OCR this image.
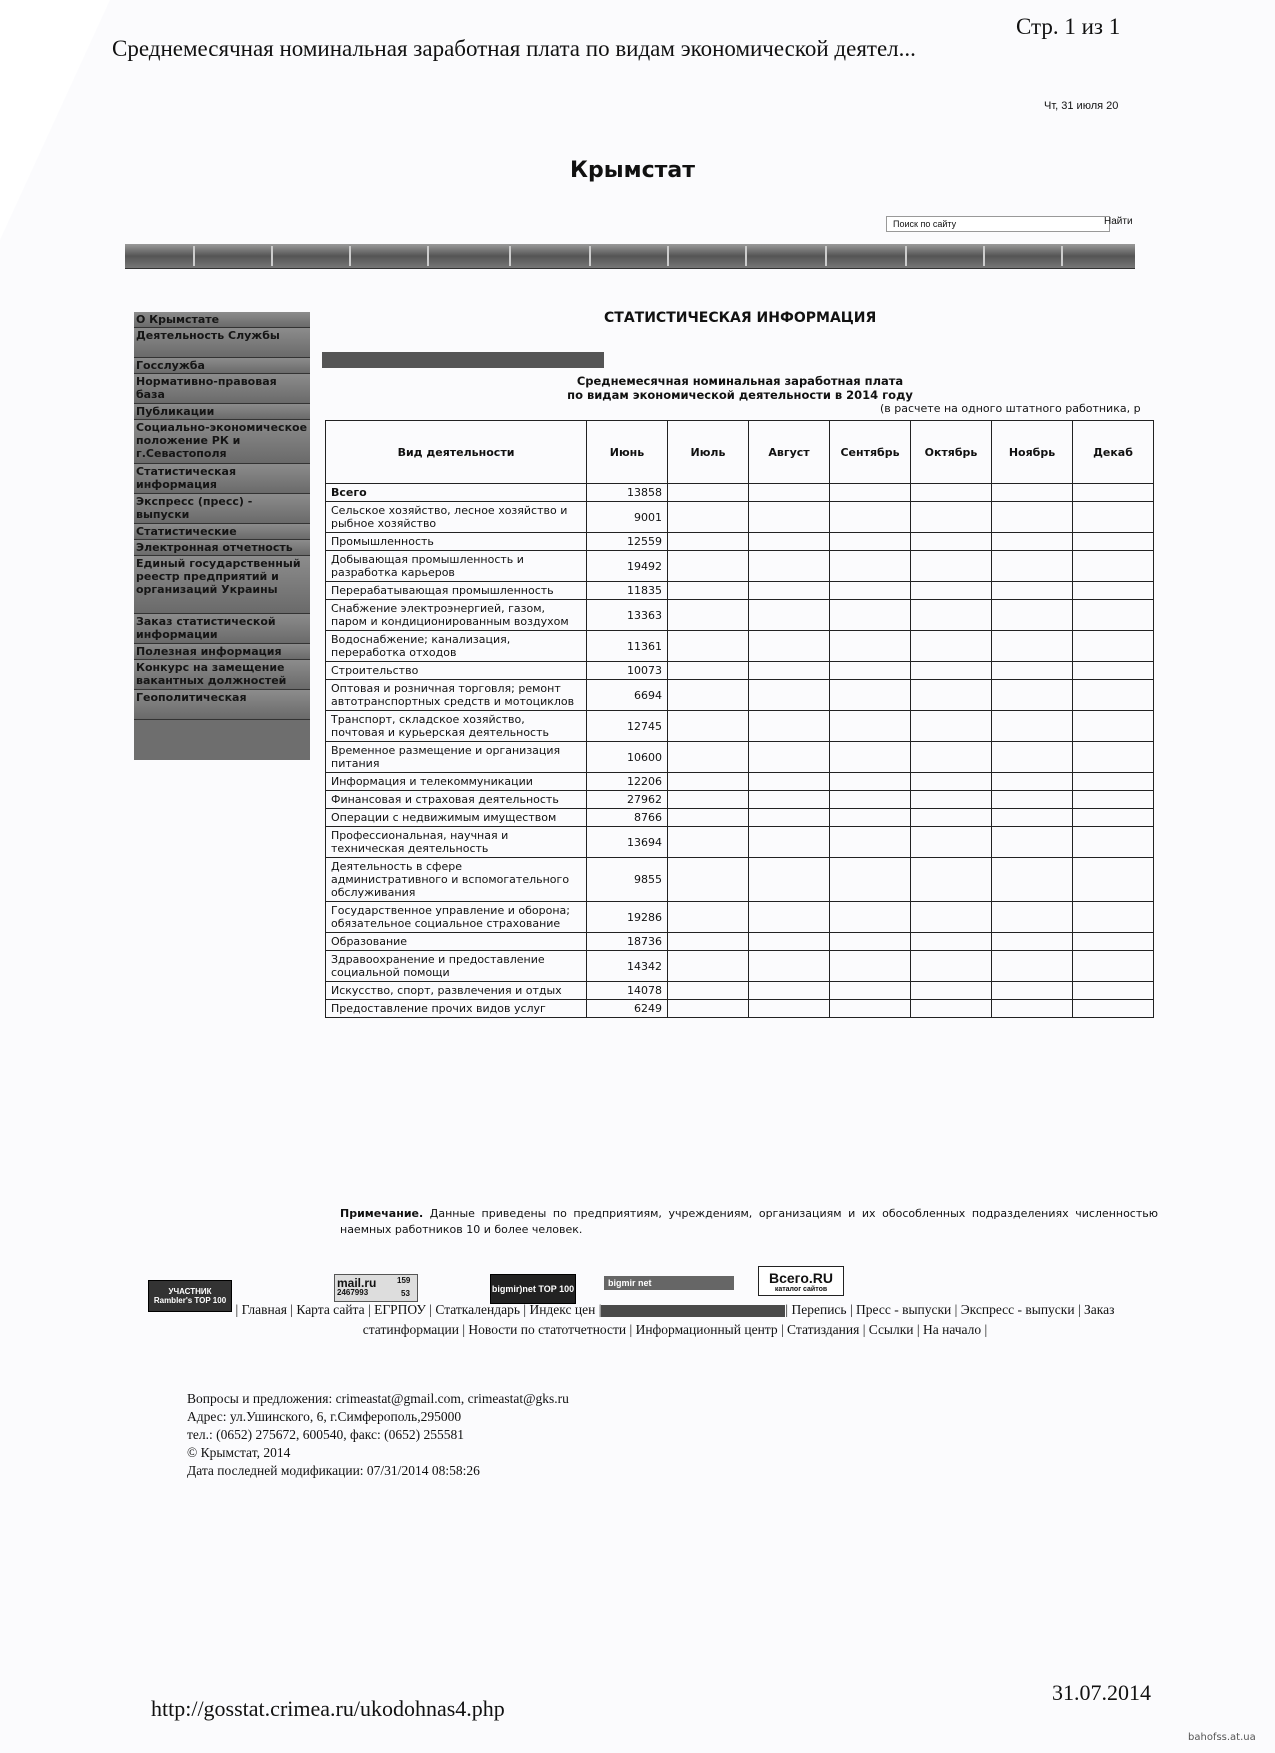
Среднемесячная номинальная заработная плата по видам экономической деятел...
Стр. 1 из 1
Чт, 31 июля 20
Крымстат
Поиск по сайту	Найти
О Крымстате
Деятельность Службы
Госслужба
Нормативно-правовая база
Публикации
Социально-экономическое положение РК и г.Севастополя
Статистическая информация
Экспресс (пресс) - выпуски
Статистические
Электронная отчетность
Единый государственный реестр предприятий и организаций Украины
Заказ статистической информации
Полезная информация
Конкурс на замещение вакантных должностей
Геополитическая
СТАТИСТИЧЕСКАЯ ИНФОРМАЦИЯ
Среднемесячная номинальная заработная плата
по видам экономической деятельности в 2014 году
(в расчете на одного штатного работника, р
Вид деятельности	Июнь	Июль	Август	Сентябрь	Октябрь	Ноябрь	Декаб
Всего	13858						
Сельское хозяйство, лесное хозяйство и рыбное хозяйство	9001						
Промышленность	12559						
Добывающая промышленность и разработка карьеров	19492						
Перерабатывающая промышленность	11835						
Снабжение электроэнергией, газом, паром и кондиционированным воздухом	13363						
Водоснабжение; канализация, переработка отходов	11361						
Строительство	10073						
Оптовая и розничная торговля; ремонт автотранспортных средств и мотоциклов	6694						
Транспорт, складское хозяйство, почтовая и курьерская деятельность	12745						
Временное размещение и организация питания	10600						
Информация и телекоммуникации	12206						
Финансовая и страховая деятельность	27962						
Операции с недвижимым имуществом	8766						
Профессиональная, научная и техническая деятельность	13694						
Деятельность в сфере административного и вспомогательного обслуживания	9855						
Государственное управление и оборона; обязательное социальное страхование	19286						
Образование	18736						
Здравоохранение и предоставление социальной помощи	14342						
Искусство, спорт, развлечения и отдых	14078						
Предоставление прочих видов услуг	6249						
Примечание. Данные приведены по предприятиям, учреждениям, организациям и их обособленных подразделениях численностью наемных работников 10 и более человек.
УЧАСТНИК Rambler's TOP 100
mail.ru
2467993
159
53	bigmir)net TOP 100
bigmir net	Всего.RU
каталог сайтов
| Главная | Карта сайта | ЕГРПОУ | Статкалендарь | Индекс цен |	| Перепись | Пресс - выпуски | Экспресс - выпуски | Заказ
статинформации | Новости по статотчетности | Информационный центр | Статиздания | Ссылки | На начало |
Вопросы и предложения: crimeastat@gmail.com, crimeastat@gks.ru
Адрес: ул.Ушинского, 6, г.Симферополь,295000
тел.: (0652) 275672, 600540, факс: (0652) 255581
© Крымстат, 2014
Дата последней модификации: 07/31/2014 08:58:26
http://gosstat.crimea.ru/ukodohnas4.php
31.07.2014
bahofss.at.ua
